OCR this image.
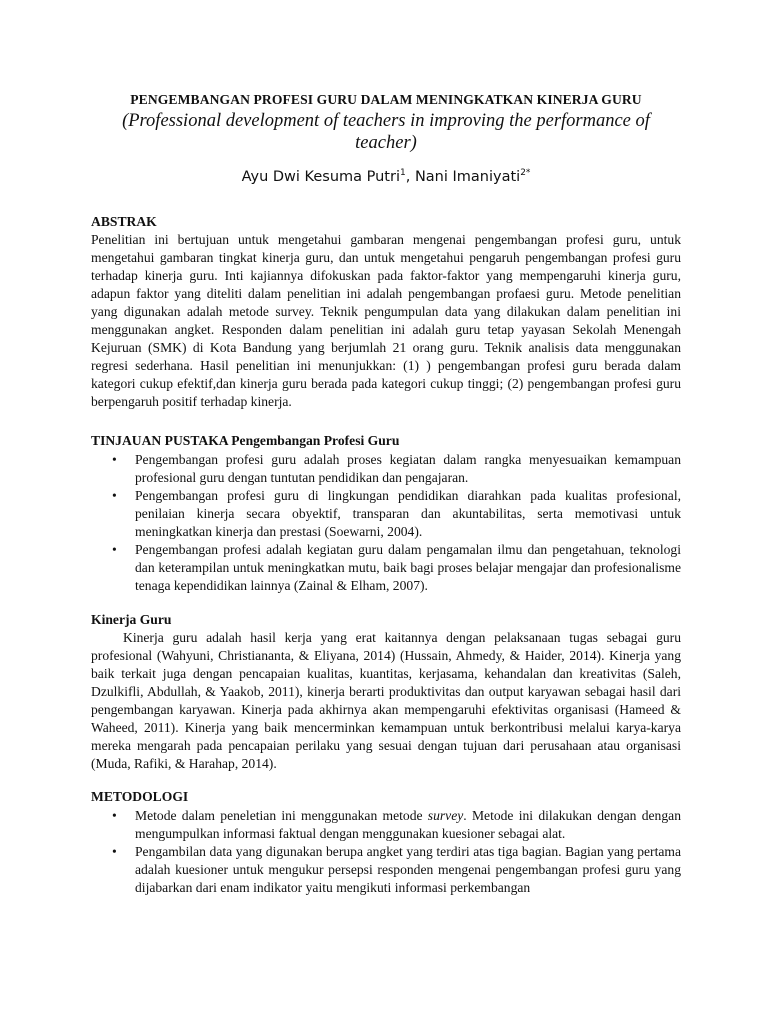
PENGEMBANGAN PROFESI GURU DALAM MENINGKATKAN KINERJA GURU
(Professional development of teachers in improving the performance of teacher)
Ayu Dwi Kesuma Putri$^1$, Nani Imaniyati$^{2*}$
ABSTRAK

Penelitian ini bertujuan untuk mengetahui gambaran mengenai pengembangan profesi guru, untuk mengetahui gambaran tingkat kinerja guru, dan untuk mengetahui pengaruh pengembangan profesi guru terhadap kinerja guru. Inti kajiannya difokuskan pada faktor-faktor yang mempengaruhi kinerja guru, adapun faktor yang diteliti dalam penelitian ini adalah pengembangan profaesi guru. Metode penelitian yang digunakan adalah metode survey. Teknik pengumpulan data yang dilakukan dalam penelitian ini menggunakan angket. Responden dalam penelitian ini adalah guru tetap yayasan Sekolah Menengah Kejuruan (SMK) di Kota Bandung yang berjumlah 21 orang guru. Teknik analisis data menggunakan regresi sederhana. Hasil penelitian ini menunjukkan: (1) ) pengembangan profesi guru berada dalam kategori cukup efektif,dan kinerja guru berada pada kategori cukup tinggi; (2) pengembangan profesi guru berpengaruh positif terhadap kinerja.

TINJAUAN PUSTAKA Pengembangan Profesi Guru
• Pengembangan profesi guru adalah proses kegiatan dalam rangka menyesuaikan kemampuan profesional guru dengan tuntutan pendidikan dan pengajaran.
• Pengembangan profesi guru di lingkungan pendidikan diarahkan pada kualitas profesional, penilaian kinerja secara obyektif, transparan dan akuntabilitas, serta memotivasi untuk meningkatkan kinerja dan prestasi (Soewarni, 2004).
• Pengembangan profesi adalah kegiatan guru dalam pengamalan ilmu dan pengetahuan, teknologi dan keterampilan untuk meningkatkan mutu, baik bagi proses belajar mengajar dan profesionalisme tenaga kependidikan lainnya (Zainal & Elham, 2007).
Kinerja Guru

Kinerja guru adalah hasil kerja yang erat kaitannya dengan pelaksanaan tugas sebagai guru profesional (Wahyuni, Christiananta, & Eliyana, 2014) (Hussain, Ahmedy, & Haider, 2014). Kinerja yang baik terkait juga dengan pencapaian kualitas, kuantitas, kerjasama, kehandalan dan kreativitas (Saleh, Dzulkifli, Abdullah, & Yaakob, 2011), kinerja berarti produktivitas dan output karyawan sebagai hasil dari pengembangan karyawan. Kinerja pada akhirnya akan mempengaruhi efektivitas organisasi (Hameed & Waheed, 2011). Kinerja yang baik mencerminkan kemampuan untuk berkontribusi melalui karya-karya mereka mengarah pada pencapaian perilaku yang sesuai dengan tujuan dari perusahaan atau organisasi (Muda, Rafiki, & Harahap, 2014).

METODOLOGI
• Metode dalam peneletian ini menggunakan metode survey. Metode ini dilakukan dengan dengan mengumpulkan informasi faktual dengan menggunakan kuesioner sebagai alat.
• Pengambilan data yang digunakan berupa angket yang terdiri atas tiga bagian. Bagian yang pertama adalah kuesioner untuk mengukur persepsi responden mengenai pengembangan profesi guru yang dijabarkan dari enam indikator yaitu mengikuti informasi perkembangan
